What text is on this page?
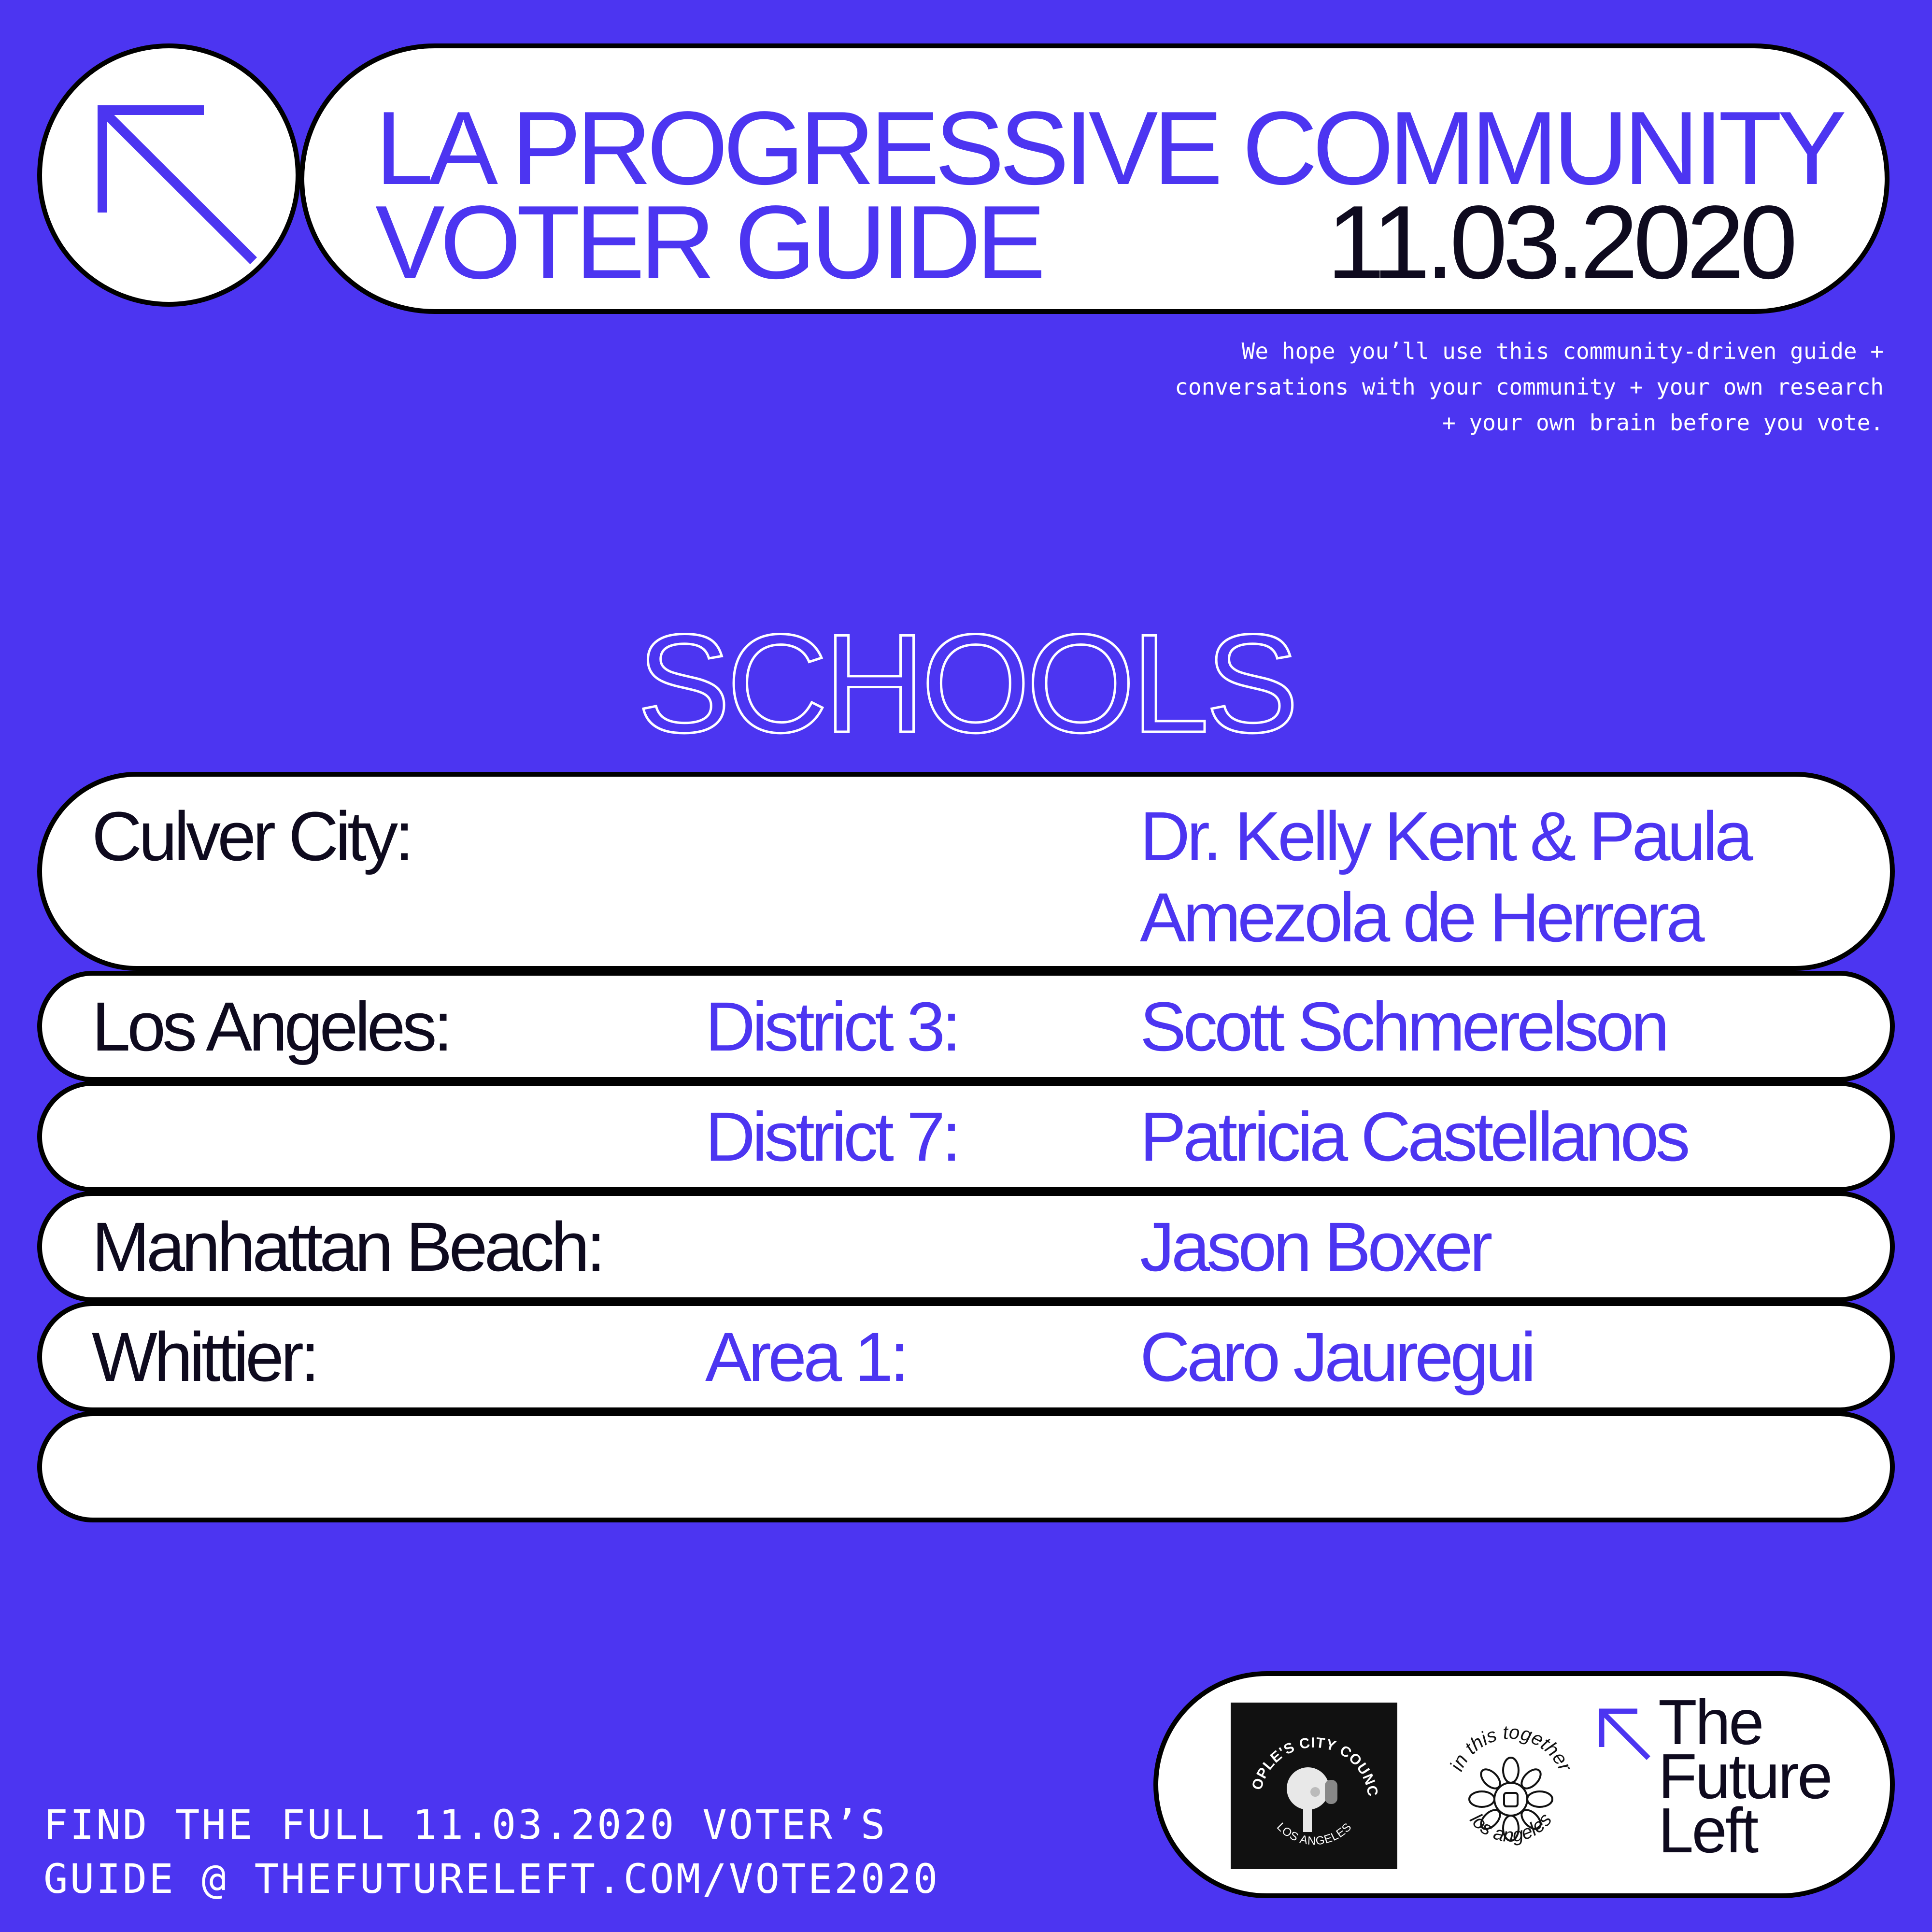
LA PROGRESSIVE COMMUNITY
VOTER GUIDE	11.03.2020
We hope you’ll use this community-driven guide +
conversations with your community + your own research
+ your own brain before you vote.
SCHOOLS
Culver City:	Dr. Kelly Kent & Paula
Amezola de Herrera
Los Angeles:	District 3:	Scott Schmerelson
District 7:	Patricia Castellanos
Manhattan Beach:	Jason Boxer
Whittier:	Area 1:	Caro Jauregui
FIND THE FULL 11.03.2020 VOTER’S
GUIDE @ THEFUTURELEFT.COM/VOTE2020
OPLE'S CITY COUNC
LOS ANGELES
in this together
los angeles
The
Future
Left
